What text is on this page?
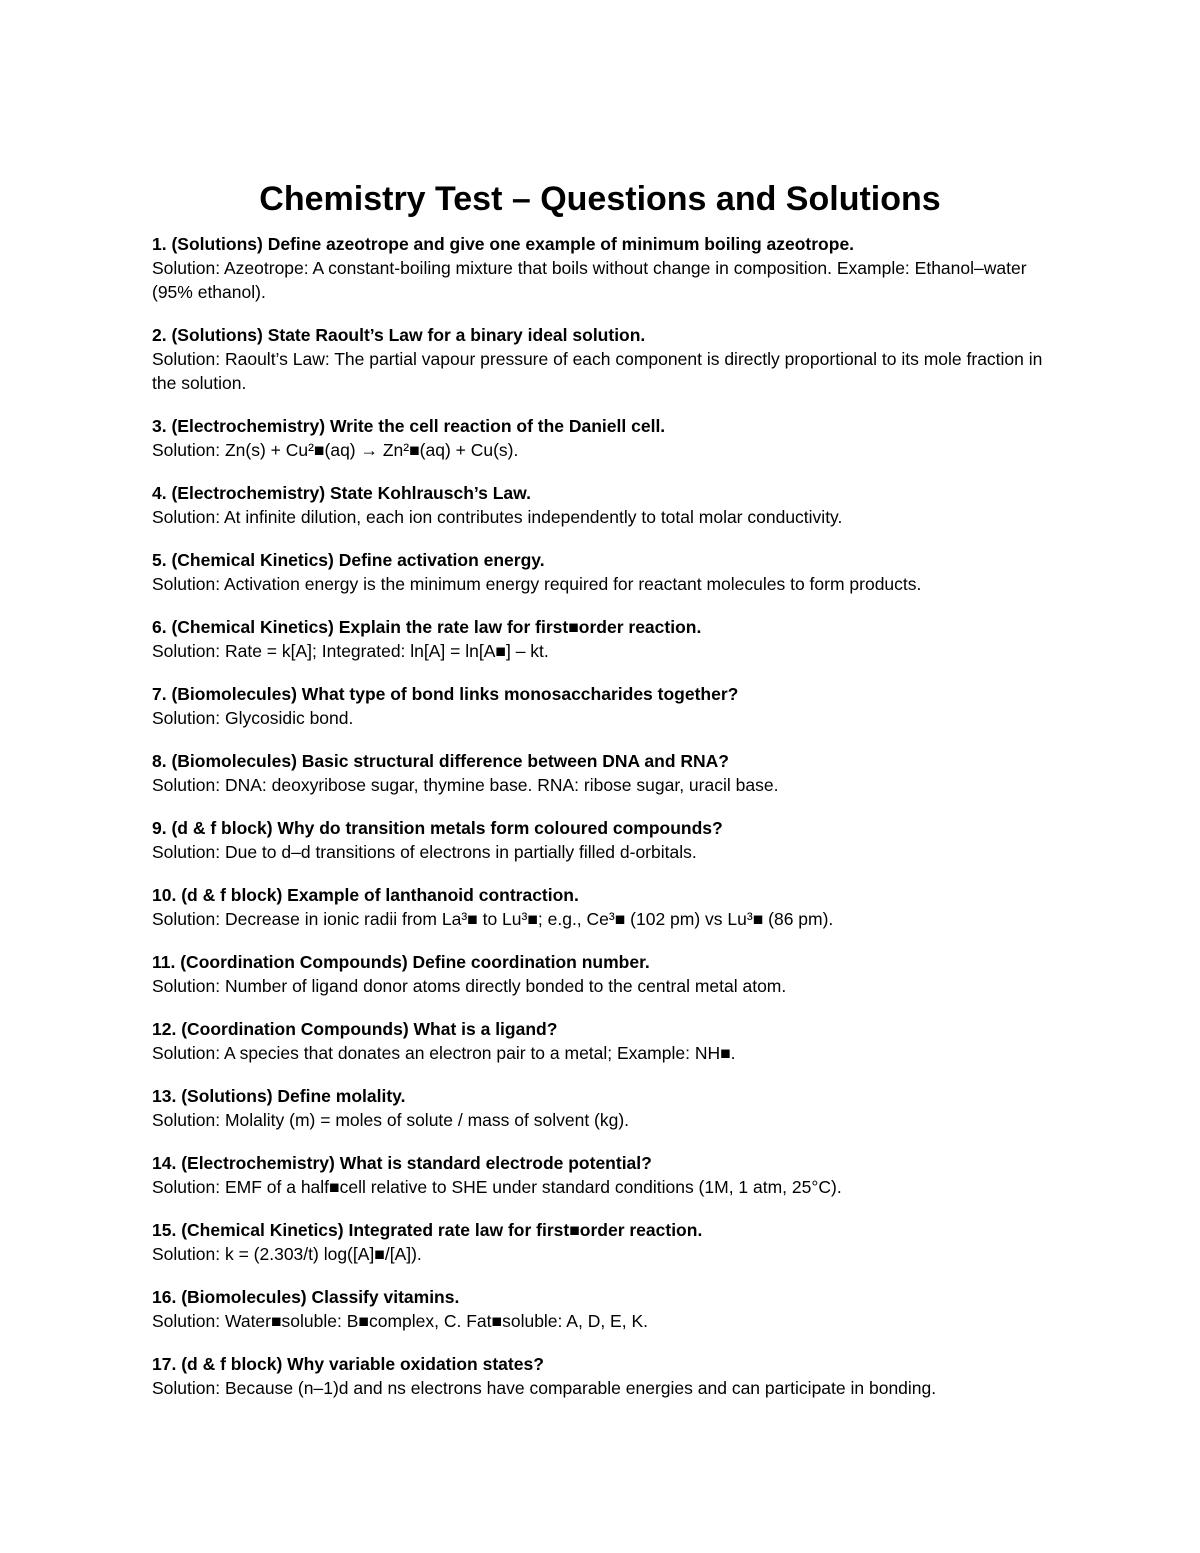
Chemistry Test – Questions and Solutions
1. (Solutions) Define azeotrope and give one example of minimum boiling azeotrope.
Solution: Azeotrope: A constant-boiling mixture that boils without change in composition. Example: Ethanol–water (95% ethanol).
2. (Solutions) State Raoult’s Law for a binary ideal solution.
Solution: Raoult’s Law: The partial vapour pressure of each component is directly proportional to its mole fraction in the solution.
3. (Electrochemistry) Write the cell reaction of the Daniell cell.
Solution: Zn(s) + Cu²■(aq) → Zn²■(aq) + Cu(s).
4. (Electrochemistry) State Kohlrausch’s Law.
Solution: At infinite dilution, each ion contributes independently to total molar conductivity.
5. (Chemical Kinetics) Define activation energy.
Solution: Activation energy is the minimum energy required for reactant molecules to form products.
6. (Chemical Kinetics) Explain the rate law for first■order reaction.
Solution: Rate = k[A]; Integrated: ln[A] = ln[A■] – kt.
7. (Biomolecules) What type of bond links monosaccharides together?
Solution: Glycosidic bond.
8. (Biomolecules) Basic structural difference between DNA and RNA?
Solution: DNA: deoxyribose sugar, thymine base. RNA: ribose sugar, uracil base.
9. (d & f block) Why do transition metals form coloured compounds?
Solution: Due to d–d transitions of electrons in partially filled d-orbitals.
10. (d & f block) Example of lanthanoid contraction.
Solution: Decrease in ionic radii from La³■ to Lu³■; e.g., Ce³■ (102 pm) vs Lu³■ (86 pm).
11. (Coordination Compounds) Define coordination number.
Solution: Number of ligand donor atoms directly bonded to the central metal atom.
12. (Coordination Compounds) What is a ligand?
Solution: A species that donates an electron pair to a metal; Example: NH■.
13. (Solutions) Define molality.
Solution: Molality (m) = moles of solute / mass of solvent (kg).
14. (Electrochemistry) What is standard electrode potential?
Solution: EMF of a half■cell relative to SHE under standard conditions (1M, 1 atm, 25°C).
15. (Chemical Kinetics) Integrated rate law for first■order reaction.
Solution: k = (2.303/t) log([A]■/[A]).
16. (Biomolecules) Classify vitamins.
Solution: Water■soluble: B■complex, C. Fat■soluble: A, D, E, K.
17. (d & f block) Why variable oxidation states?
Solution: Because (n–1)d and ns electrons have comparable energies and can participate in bonding.
